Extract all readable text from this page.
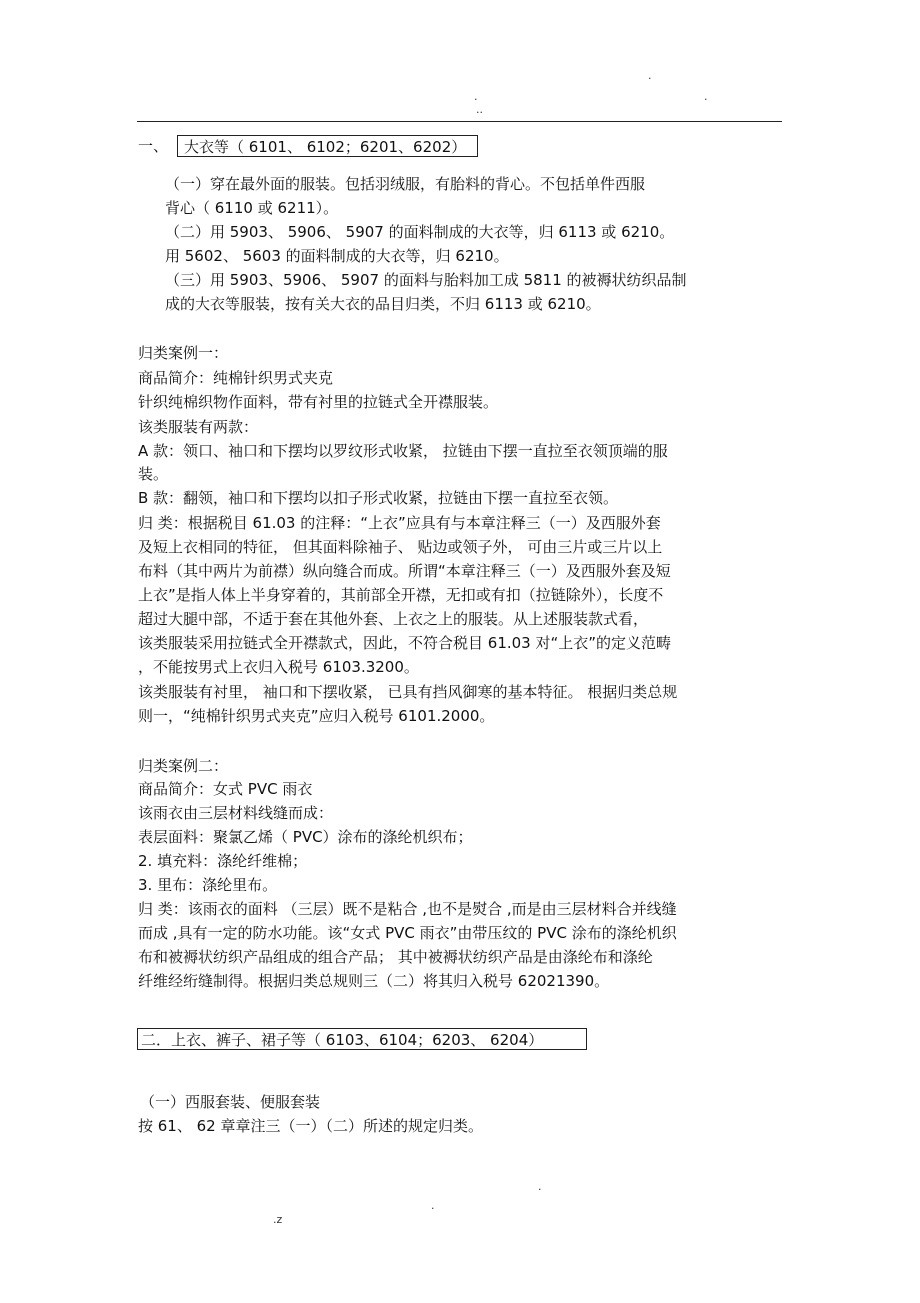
.
.	.
..
一、	大衣等（ 6101、 6102；6201、6202）
（一）穿在最外面的服装。包括羽绒服，有胎料的背心。不包括单件西服
背心（ 6110 或 6211）。
（二）用 5903、 5906、 5907 的面料制成的大衣等，归 6113 或 6210。
用 5602、 5603 的面料制成的大衣等，归 6210。
（三）用 5903、5906、 5907 的面料与胎料加工成 5811 的被褥状纺织品制
成的大衣等服装，按有关大衣的品目归类，不归 6113 或 6210。
归类案例一：
商品简介：纯棉针织男式夹克
针织纯棉织物作面料，带有衬里的拉链式全开襟服装。
该类服装有两款：
A 款：领口、袖口和下摆均以罗纹形式收紧， 拉链由下摆一直拉至衣领顶端的服
装。
B 款：翻领，袖口和下摆均以扣子形式收紧，拉链由下摆一直拉至衣领。
归 类：根据税目 61.03 的注释：“上衣”应具有与本章注释三（一）及西服外套
及短上衣相同的特征， 但其面料除袖子、 贴边或领子外， 可由三片或三片以上
布料（其中两片为前襟）纵向缝合而成。所谓“本章注释三（一）及西服外套及短
上衣”是指人体上半身穿着的，其前部全开襟，无扣或有扣（拉链除外），长度不
超过大腿中部，不适于套在其他外套、上衣之上的服装。从上述服装款式看，
该类服装采用拉链式全开襟款式，因此，不符合税目 61.03 对“上衣”的定义范畴
，不能按男式上衣归入税号 6103.3200。
该类服装有衬里， 袖口和下摆收紧， 已具有挡风御寒的基本特征。 根据归类总规
则一，“纯棉针织男式夹克”应归入税号 6101.2000。
归类案例二：
商品简介：女式 PVC 雨衣
该雨衣由三层材料线缝而成：
表层面料：聚氯乙烯（ PVC）涂布的涤纶机织布；
2. 填充料：涤纶纤维棉；
3. 里布：涤纶里布。
归 类：该雨衣的面料 （三层）既不是粘合 ,也不是熨合 ,而是由三层材料合并线缝
而成 ,具有一定的防水功能。该“女式 PVC 雨衣”由带压纹的 PVC 涂布的涤纶机织
布和被褥状纺织产品组成的组合产品； 其中被褥状纺织产品是由涤纶布和涤纶
纤维经绗缝制得。根据归类总规则三（二）将其归入税号 62021390。
二．上衣、裤子、裙子等（ 6103、6104；6203、 6204）
（一）西服套装、便服套装
按 61、 62 章章注三（一）（二）所述的规定归类。
.
.
.z
